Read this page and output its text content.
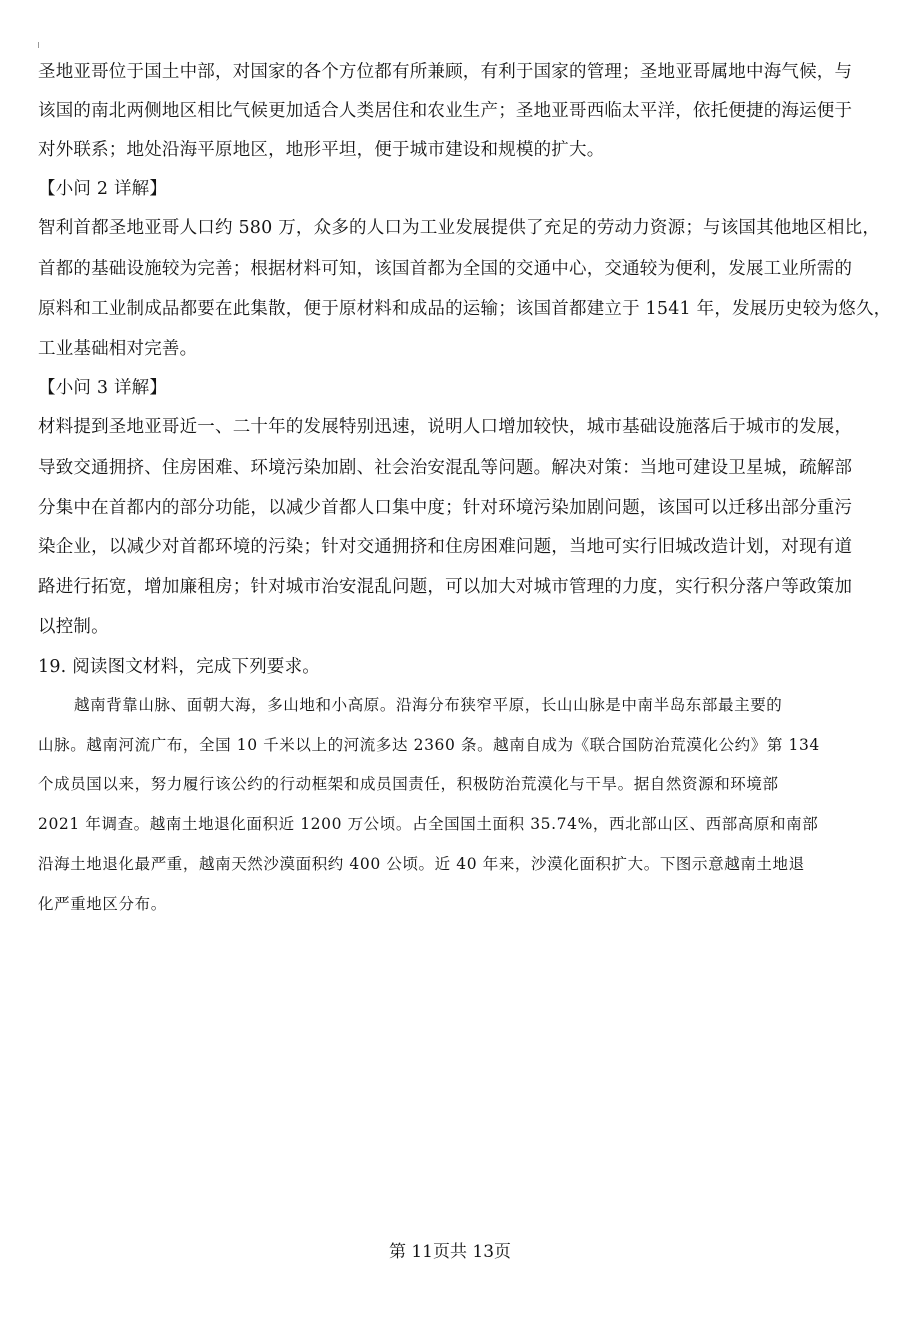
圣地亚哥位于国土中部，对国家的各个方位都有所兼顾，有利于国家的管理；圣地亚哥属地中海气候，与
该国的南北两侧地区相比气候更加适合人类居住和农业生产；圣地亚哥西临太平洋，依托便捷的海运便于
对外联系；地处沿海平原地区，地形平坦，便于城市建设和规模的扩大。
【小问 2 详解】
智利首都圣地亚哥人口约 580 万，众多的人口为工业发展提供了充足的劳动力资源；与该国其他地区相比，
首都的基础设施较为完善；根据材料可知，该国首都为全国的交通中心，交通较为便利，发展工业所需的
原料和工业制成品都要在此集散，便于原材料和成品的运输；该国首都建立于 1541 年，发展历史较为悠久，
工业基础相对完善。
【小问 3 详解】
材料提到圣地亚哥近一、二十年的发展特别迅速，说明人口增加较快，城市基础设施落后于城市的发展，
导致交通拥挤、住房困难、环境污染加剧、社会治安混乱等问题。解决对策：当地可建设卫星城，疏解部
分集中在首都内的部分功能，以减少首都人口集中度；针对环境污染加剧问题，该国可以迁移出部分重污
染企业，以减少对首都环境的污染；针对交通拥挤和住房困难问题，当地可实行旧城改造计划，对现有道
路进行拓宽，增加廉租房；针对城市治安混乱问题，可以加大对城市管理的力度，实行积分落户等政策加
以控制。
19. 阅读图文材料，完成下列要求。
越南背靠山脉、面朝大海，多山地和小高原。沿海分布狭窄平原，长山山脉是中南半岛东部最主要的
山脉。越南河流广布，全国 10 千米以上的河流多达 2360 条。越南自成为《联合国防治荒漠化公约》第 134
个成员国以来，努力履行该公约的行动框架和成员国责任，积极防治荒漠化与干旱。据自然资源和环境部
2021 年调查。越南土地退化面积近 1200 万公顷。占全国国土面积 35.74%，西北部山区、西部高原和南部
沿海土地退化最严重，越南天然沙漠面积约 400 公顷。近 40 年来，沙漠化面积扩大。下图示意越南土地退
化严重地区分布。
第 11页共 13页
